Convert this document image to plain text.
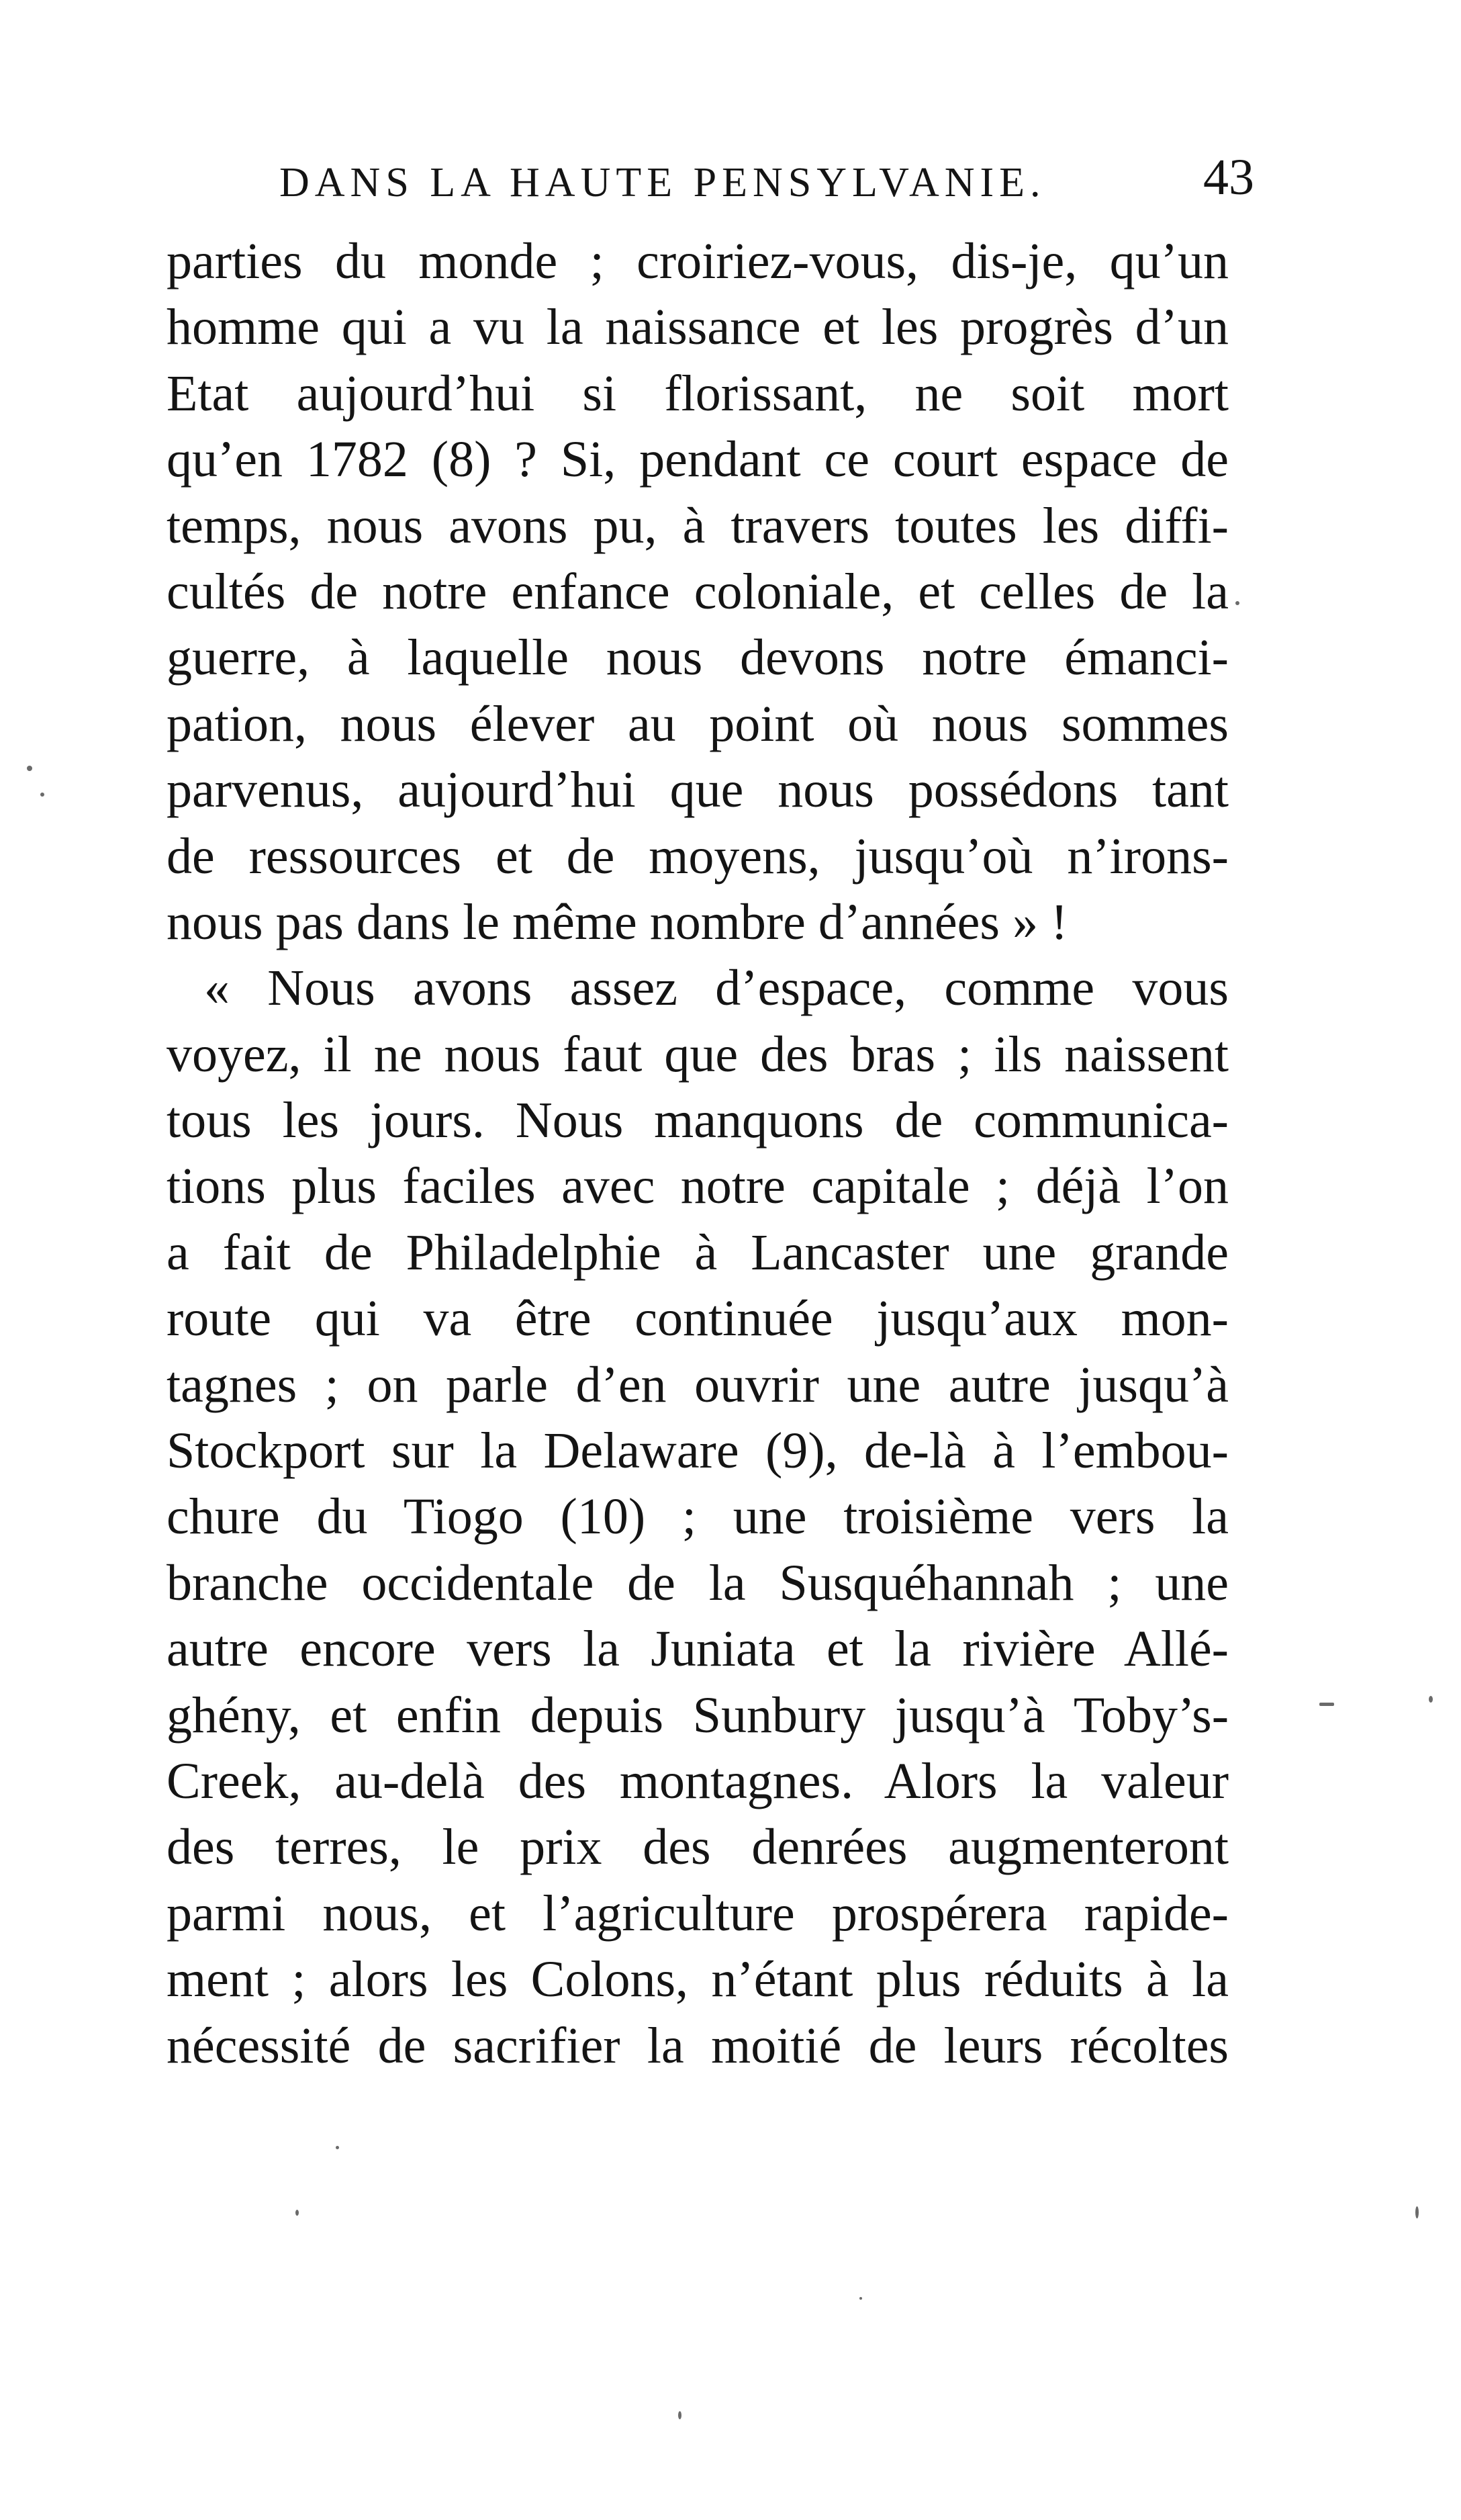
DANS LA HAUTE PENSYLVANIE.	43
parties du monde ; croiriez-vous, dis-je, qu’un
homme qui a vu la naissance et les progrès d’un
Etat aujourd’hui si florissant, ne soit mort
qu’en 1782 (8) ? Si, pendant ce court espace de
temps, nous avons pu, à travers toutes les diffi-
cultés de notre enfance coloniale, et celles de la
guerre, à laquelle nous devons notre émanci-
pation, nous élever au point où nous sommes
parvenus, aujourd’hui que nous possédons tant
de ressources et de moyens, jusqu’où n’irons-
nous pas dans le même nombre d’années » !
« Nous avons assez d’espace, comme vous
voyez, il ne nous faut que des bras ; ils naissent
tous les jours. Nous manquons de communica-
tions plus faciles avec notre capitale ; déjà l’on
a fait de Philadelphie à Lancaster une grande
route qui va être continuée jusqu’aux mon-
tagnes ; on parle d’en ouvrir une autre jusqu’à
Stockport sur la Delaware (9), de-là à l’embou-
chure du Tiogo (10) ; une troisième vers la
branche occidentale de la Susquéhannah ; une
autre encore vers la Juniata et la rivière Allé-
ghény, et enfin depuis Sunbury jusqu’à Toby’s-
Creek, au-delà des montagnes. Alors la valeur
des terres, le prix des denrées augmenteront
parmi nous, et l’agriculture prospérera rapide-
ment ; alors les Colons, n’étant plus réduits à la
nécessité de sacrifier la moitié de leurs récoltes
